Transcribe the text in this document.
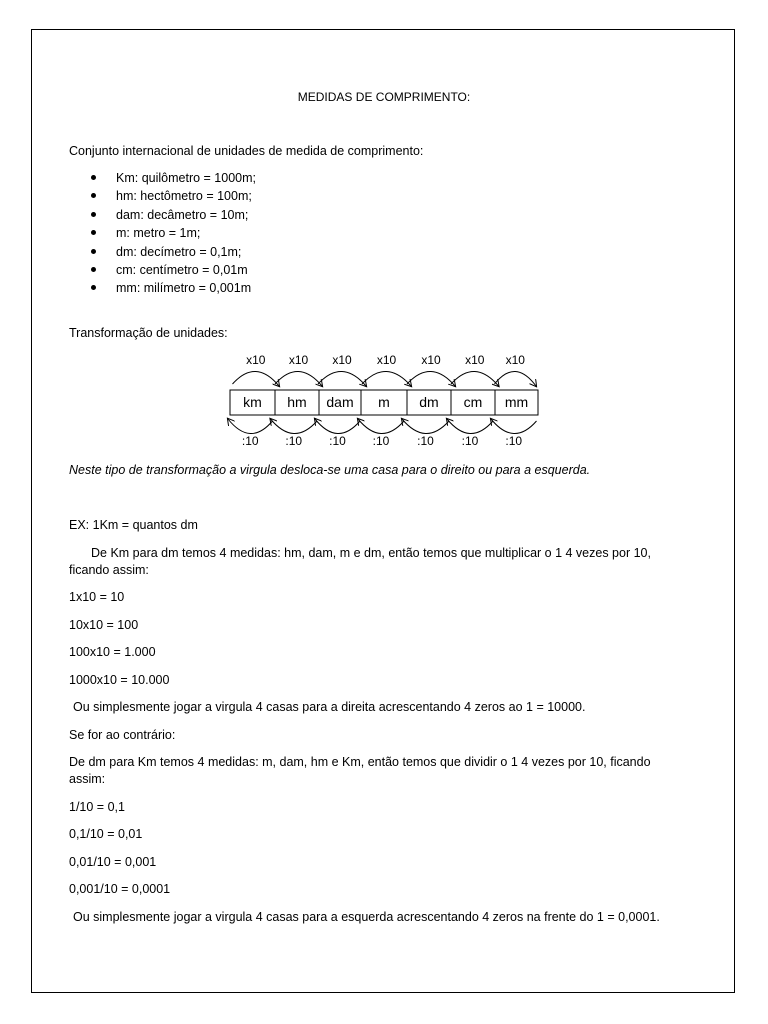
MEDIDAS DE COMPRIMENTO:
Conjunto internacional de unidades de medida de comprimento:
Km: quilômetro = 1000m;
hm: hectômetro = 100m;
dam: decâmetro = 10m;
m: metro = 1m;
dm: decímetro = 0,1m;
cm: centímetro = 0,01m
mm: milímetro = 0,001m
Transformação de unidades:
x10 x10 x10 x10 x10 x10 x10
:10 :10 :10 :10 :10 :10 :10
km hm dam m dm cm mm
Neste tipo de transformação a virgula desloca-se uma casa para o direito ou para a esquerda.
EX: 1Km = quantos dm
De Km para dm temos 4 medidas: hm, dam, m e dm, então temos que multiplicar o 1 4 vezes por 10, ficando assim:
1x10 = 10
10x10 = 100
100x10 = 1.000
1000x10 = 10.000
Ou simplesmente jogar a virgula 4 casas para a direita acrescentando 4 zeros ao 1 = 10000.
Se for ao contrário:
De dm para Km temos 4 medidas: m, dam, hm e Km, então temos que dividir o 1 4 vezes por 10, ficando assim:
1/10 = 0,1
0,1/10 = 0,01
0,01/10 = 0,001
0,001/10 = 0,0001
Ou simplesmente jogar a virgula 4 casas para a esquerda acrescentando 4 zeros na frente do 1 = 0,0001.
